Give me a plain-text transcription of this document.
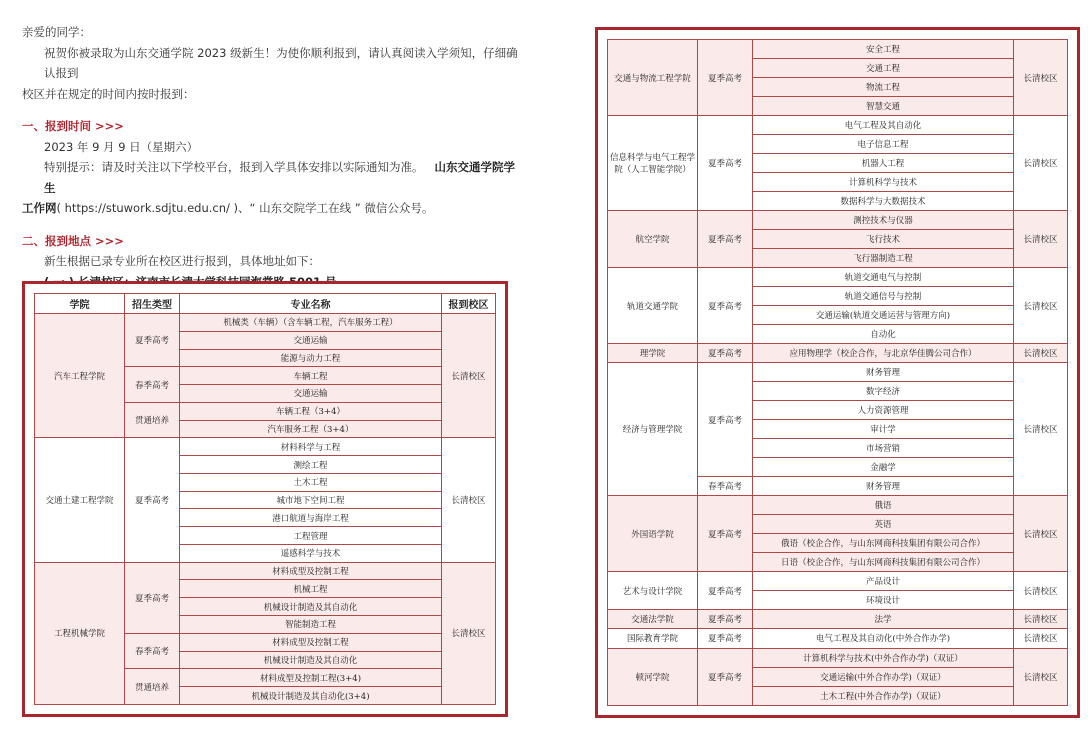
亲爱的同学：

祝贺你被录取为山东交通学院 2023 级新生！为使你顺利报到，请认真阅读入学须知，仔细确认报到

校区并在规定的时间内按时报到：

一、报到时间 >>>

2023 年 9 月 9 日（星期六）

特别提示：请及时关注以下学校平台，报到入学具体安排以实际通知为准。 山东交通学院学生

工作网( https://stuwork.sdjtu.edu.cn/ )、“ 山东交院学工在线 ” 微信公众号。

二、报到地点 >>>

新生根据已录专业所在校区进行报到，具体地址如下：

学院	招生类型	专业名称	报到校区
汽车工程学院	夏季高考	机械类（车辆）（含车辆工程，汽车服务工程）	长清校区
		交通运输	
		能源与动力工程	
	春季高考	车辆工程	
		交通运输	
	贯通培养	车辆工程（3+4）	
		汽车服务工程（3+4）	
交通土建工程学院	夏季高考	材料科学与工程	长清校区
		测绘工程	
		土木工程	
		城市地下空间工程	
		港口航道与海岸工程	
		工程管理	
		遥感科学与技术	
工程机械学院	夏季高考	材料成型及控制工程	长清校区
		机械工程	
		机械设计制造及其自动化	
		智能制造工程	
	春季高考	材料成型及控制工程	
		机械设计制造及其自动化	
	贯通培养	材料成型及控制工程(3+4)	
		机械设计制造及其自动化(3+4)	
交通与物流工程学院	夏季高考	安全工程	长清校区
		交通工程	
		物流工程	
		智慧交通	
信息科学与电气工程学院（人工智能学院）	夏季高考	电气工程及其自动化	长清校区
		电子信息工程	
		机器人工程	
		计算机科学与技术	
		数据科学与大数据技术	
航空学院	夏季高考	测控技术与仪器	长清校区
		飞行技术	
		飞行器制造工程	
轨道交通学院	夏季高考	轨道交通电气与控制	长清校区
		轨道交通信号与控制	
		交通运输(轨道交通运营与管理方向)	
		自动化	
理学院	夏季高考	应用物理学（校企合作，与北京华佳腾公司合作）	长清校区
经济与管理学院	夏季高考	财务管理	长清校区
		数字经济	
		人力资源管理	
		审计学	
		市场营销	
		金融学	
	春季高考	财务管理	
外国语学院	夏季高考	俄语	长清校区
		英语	
		俄语（校企合作，与山东网商科技集团有限公司合作）	
		日语（校企合作，与山东网商科技集团有限公司合作）	
艺术与设计学院	夏季高考	产品设计	长清校区
		环境设计	
交通法学院	夏季高考	法学	长清校区
国际教育学院	夏季高考	电气工程及其自动化(中外合作办学)	长清校区
顿河学院	夏季高考	计算机科学与技术(中外合作办学)（双证）	长清校区
		交通运输(中外合作办学)（双证）	
		土木工程(中外合作办学)（双证）	
